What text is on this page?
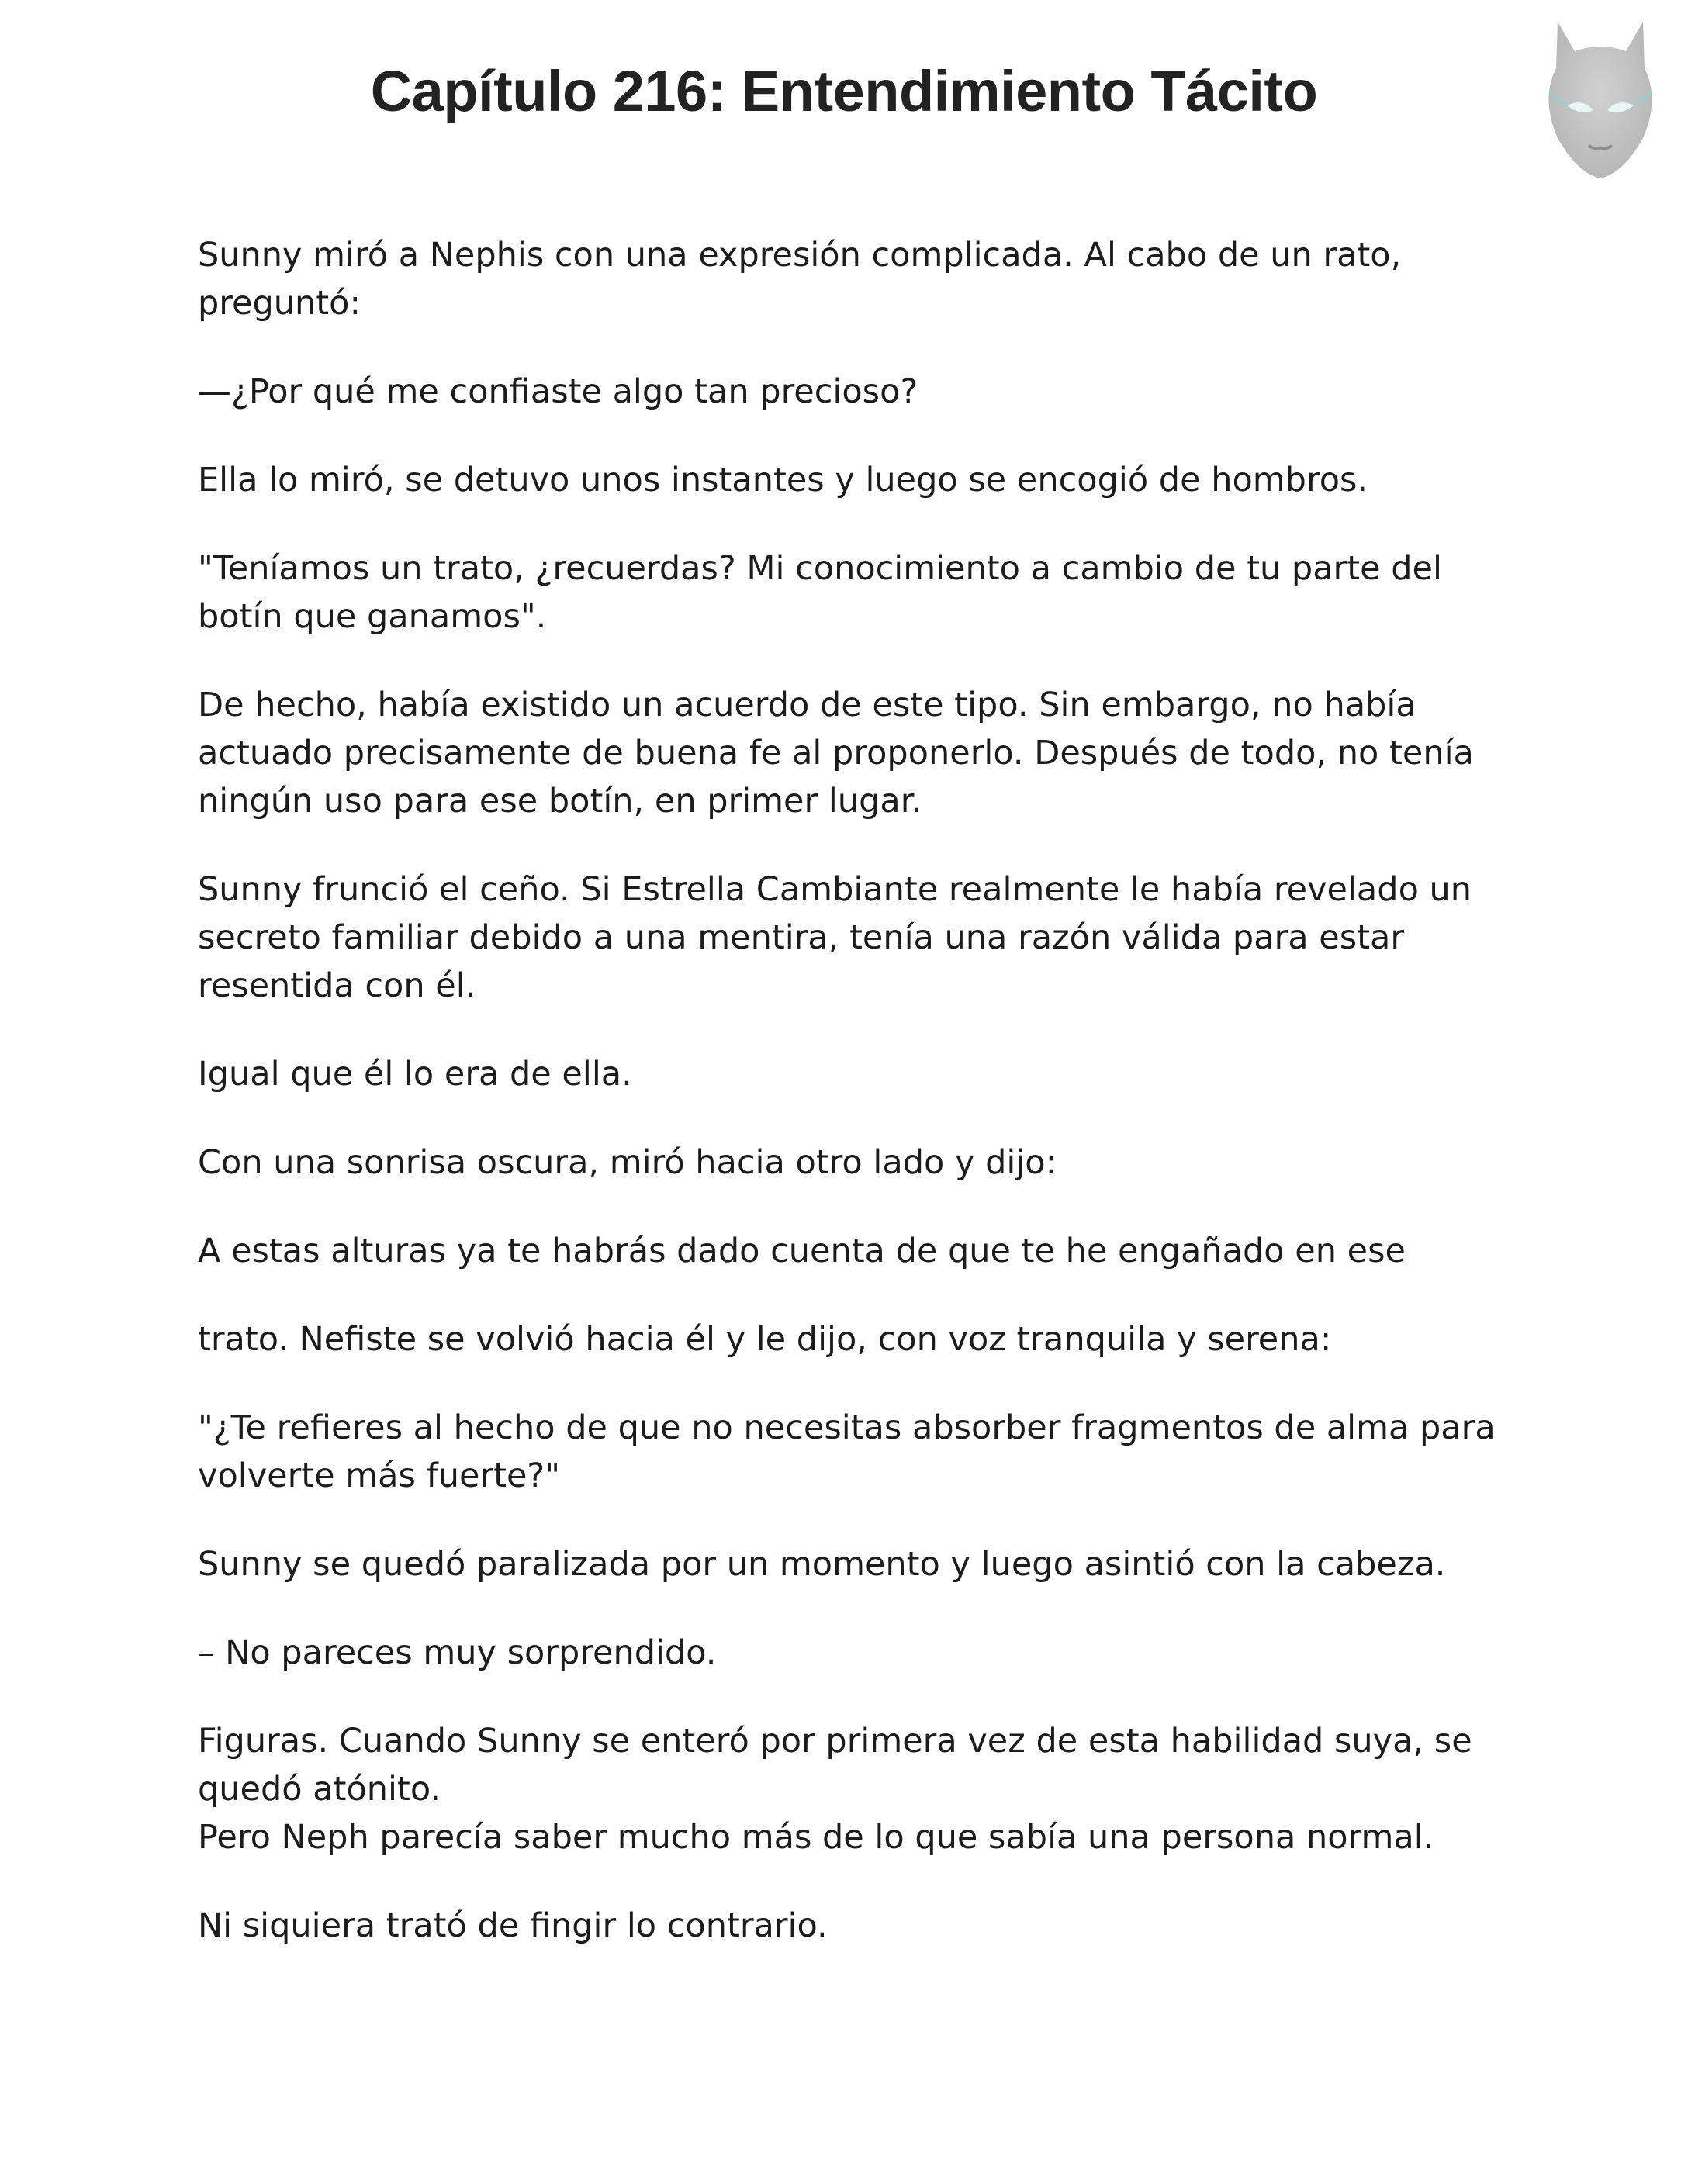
Capítulo 216: Entendimiento Tácito

Sunny miró a Nephis con una expresión complicada. Al cabo de un rato, preguntó:

—¿Por qué me confiaste algo tan precioso?

Ella lo miró, se detuvo unos instantes y luego se encogió de hombros.

"Teníamos un trato, ¿recuerdas? Mi conocimiento a cambio de tu parte del botín que ganamos".

De hecho, había existido un acuerdo de este tipo. Sin embargo, no había actuado precisamente de buena fe al proponerlo. Después de todo, no tenía ningún uso para ese botín, en primer lugar.

Sunny frunció el ceño. Si Estrella Cambiante realmente le había revelado un secreto familiar debido a una mentira, tenía una razón válida para estar resentida con él.

Igual que él lo era de ella.

Con una sonrisa oscura, miró hacia otro lado y dijo:

A estas alturas ya te habrás dado cuenta de que te he engañado en ese

trato. Nefiste se volvió hacia él y le dijo, con voz tranquila y serena:

"¿Te refieres al hecho de que no necesitas absorber fragmentos de alma para volverte más fuerte?"

Sunny se quedó paralizada por un momento y luego asintió con la cabeza.

– No pareces muy sorprendido.

Figuras. Cuando Sunny se enteró por primera vez de esta habilidad suya, se quedó atónito.

Pero Neph parecía saber mucho más de lo que sabía una persona normal.

Ni siquiera trató de fingir lo contrario.
